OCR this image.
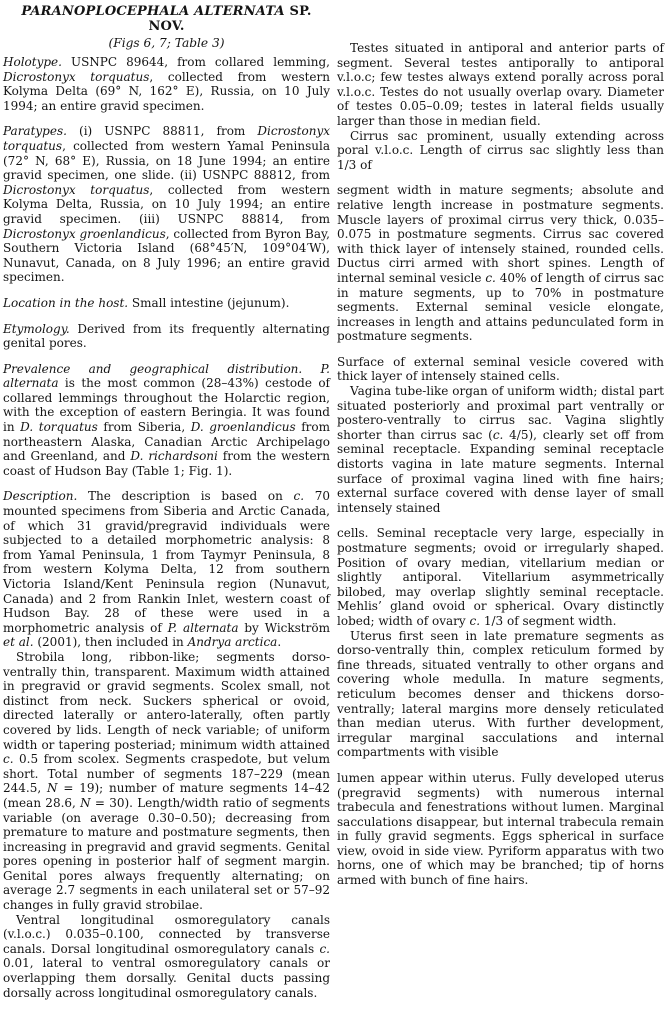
PARANOPLOCEPHALA ALTERNATA SP. NOV.
(Figs 6, 7; Table 3)

Holotype. USNPC 89644, from collared lemming, Dicrostonyx torquatus, collected from western Kolyma Delta (69° N, 162° E), Russia, on 10 July 1994; an entire gravid specimen.

Paratypes. (i) USNPC 88811, from Dicrostonyx torquatus, collected from western Yamal Peninsula (72° N, 68° E), Russia, on 18 June 1994; an entire gravid specimen, one slide. (ii) USNPC 88812, from Dicrostonyx torquatus, collected from western Kolyma Delta, Russia, on 10 July 1994; an entire gravid specimen. (iii) USNPC 88814, from Dicrostonyx groenlandicus, collected from Byron Bay, Southern Victoria Island (68°45′N, 109°04′W), Nunavut, Canada, on 8 July 1996; an entire gravid specimen.

Location in the host. Small intestine (jejunum).

Etymology. Derived from its frequently alternating genital pores.

Prevalence and geographical distribution. P. alternata is the most common (28–43%) cestode of collared lemmings throughout the Holarctic region, with the exception of eastern Beringia. It was found in D. torquatus from Siberia, D. groenlandicus from northeastern Alaska, Canadian Arctic Archipelago and Greenland, and D. richardsoni from the western coast of Hudson Bay (Table 1; Fig. 1).

Description. The description is based on c. 70 mounted specimens from Siberia and Arctic Canada, of which 31 gravid/pregravid individuals were subjected to a detailed morphometric analysis: 8 from Yamal Peninsula, 1 from Taymyr Peninsula, 8 from western Kolyma Delta, 12 from southern Victoria Island/Kent Peninsula region (Nunavut, Canada) and 2 from Rankin Inlet, western coast of Hudson Bay. 28 of these were used in a morphometric analysis of P. alternata by Wickström et al. (2001), then included in Andrya arctica.

Strobila long, ribbon-like; segments dorso-ventrally thin, transparent. Maximum width attained in pregravid or gravid segments. Scolex small, not distinct from neck. Suckers spherical or ovoid, directed laterally or antero-laterally, often partly covered by lids. Length of neck variable; of uniform width or tapering posteriad; minimum width attained c. 0.5 from scolex. Segments craspedote, but velum short. Total number of segments 187–229 (mean 244.5, N = 19); number of mature segments 14–42 (mean 28.6, N = 30). Length/width ratio of segments variable (on average 0.30–0.50); decreasing from premature to mature and postmature segments, then increasing in pregravid and gravid segments. Genital pores opening in posterior half of segment margin. Genital pores always frequently alternating; on average 2.7 segments in each unilateral set or 57–92 changes in fully gravid strobilae.

Ventral longitudinal osmoregulatory canals (v.l.o.c.) 0.035–0.100, connected by transverse canals. Dorsal longitudinal osmoregulatory canals c. 0.01, lateral to ventral osmoregulatory canals or overlapping them dorsally. Genital ducts passing dorsally across longitudinal osmoregulatory canals.

Testes situated in antiporal and anterior parts of segment. Several testes antiporally to antiporal v.l.o.c; few testes always extend porally across poral v.l.o.c. Testes do not usually overlap ovary. Diameter of testes 0.05–0.09; testes in lateral fields usually larger than those in median field.

Cirrus sac prominent, usually extending across poral v.l.o.c. Length of cirrus sac slightly less than 1/3 of

segment width in mature segments; absolute and relative length increase in postmature segments. Muscle layers of proximal cirrus very thick, 0.035–0.075 in postmature segments. Cirrus sac covered with thick layer of intensely stained, rounded cells. Ductus cirri armed with short spines. Length of internal seminal vesicle c. 40% of length of cirrus sac in mature segments, up to 70% in postmature segments. External seminal vesicle elongate, increases in length and attains pedunculated form in postmature segments.

Surface of external seminal vesicle covered with thick layer of intensely stained cells.

Vagina tube-like organ of uniform width; distal part situated posteriorly and proximal part ventrally or postero-ventrally to cirrus sac. Vagina slightly shorter than cirrus sac (c. 4/5), clearly set off from seminal receptacle. Expanding seminal receptacle distorts vagina in late mature segments. Internal surface of proximal vagina lined with fine hairs; external surface covered with dense layer of small intensely stained

cells. Seminal receptacle very large, especially in postmature segments; ovoid or irregularly shaped. Position of ovary median, vitellarium median or slightly antiporal. Vitellarium asymmetrically bilobed, may overlap slightly seminal receptacle. Mehlis’ gland ovoid or spherical. Ovary distinctly lobed; width of ovary c. 1/3 of segment width.

Uterus first seen in late premature segments as dorso-ventrally thin, complex reticulum formed by fine threads, situated ventrally to other organs and covering whole medulla. In mature segments, reticulum becomes denser and thickens dorso-ventrally; lateral margins more densely reticulated than median uterus. With further development, irregular marginal sacculations and internal compartments with visible

lumen appear within uterus. Fully developed uterus (pregravid segments) with numerous internal trabecula and fenestrations without lumen. Marginal sacculations disappear, but internal trabecula remain in fully gravid segments. Eggs spherical in surface view, ovoid in side view. Pyriform apparatus with two horns, one of which may be branched; tip of horns armed with bunch of fine hairs.
